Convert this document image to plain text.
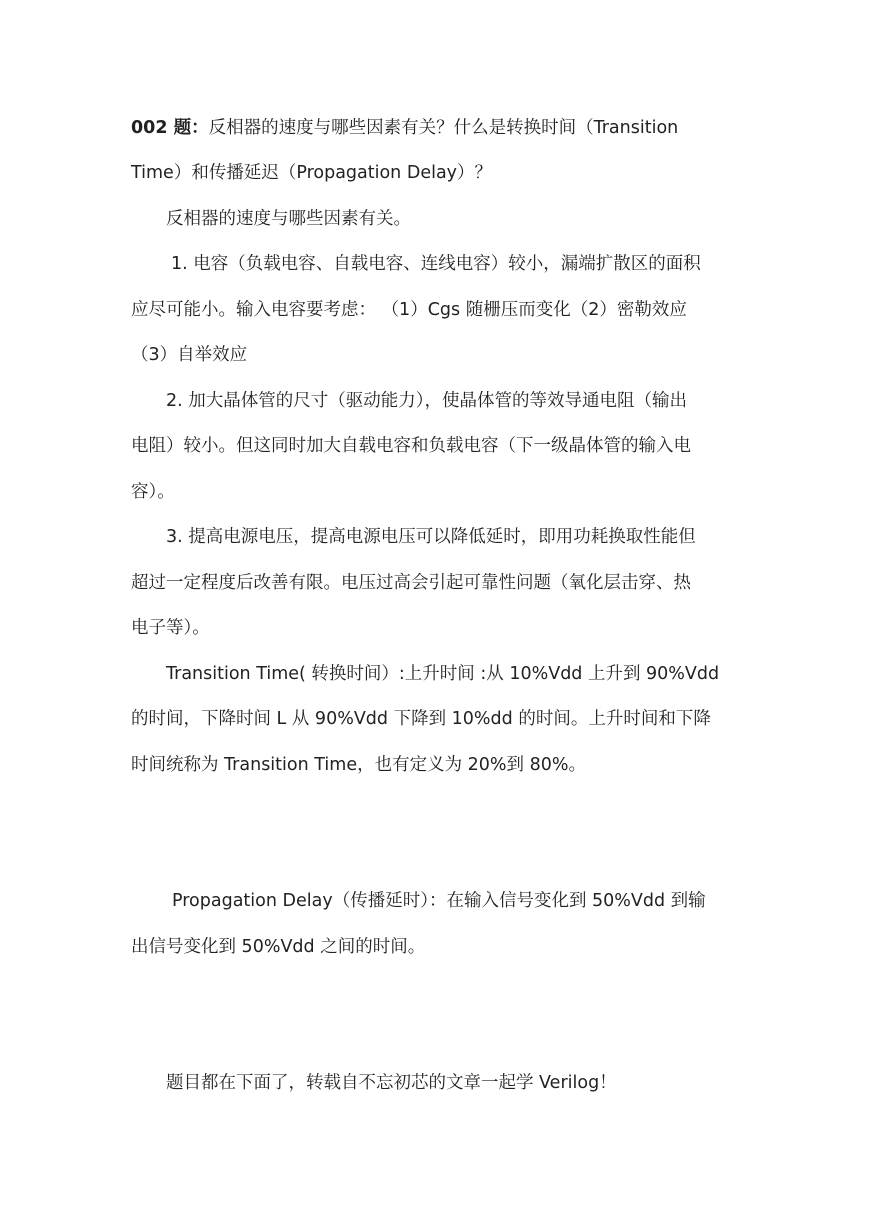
002 题：反相器的速度与哪些因素有关？什么是转换时间（Transition
Time）和传播延迟（Propagation Delay）？
反相器的速度与哪些因素有关。
1. 电容（负载电容、自载电容、连线电容）较小，漏端扩散区的面积
应尽可能小。输入电容要考虑： （1）Cgs 随栅压而变化（2）密勒效应
（3）自举效应
2. 加大晶体管的尺寸（驱动能力），使晶体管的等效导通电阻（输出
电阻）较小。但这同时加大自载电容和负载电容（下一级晶体管的输入电
容）。
3. 提高电源电压，提高电源电压可以降低延时，即用功耗换取性能但
超过一定程度后改善有限。电压过高会引起可靠性问题（氧化层击穿、热
电子等）。
Transition Time( 转换时间）:上升时间 :从 10%Vdd 上升到 90%Vdd
的时间，下降时间 L 从 90%Vdd 下降到 10%dd 的时间。上升时间和下降
时间统称为 Transition Time，也有定义为 20%到 80%。
Propagation Delay（传播延时）：在输入信号变化到 50%Vdd 到输
出信号变化到 50%Vdd 之间的时间。
题目都在下面了，转载自不忘初芯的文章一起学 Verilog！
